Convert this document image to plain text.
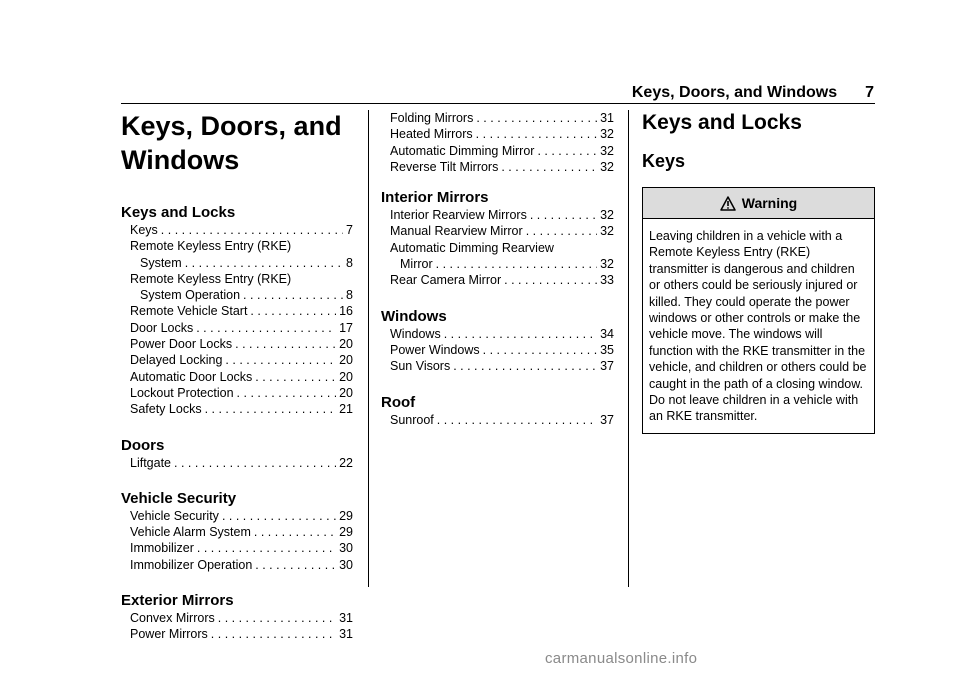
Keys, Doors, and Windows 7
Keys, Doors, and Windows
Keys and Locks
Keys . . .	7
Remote Keyless Entry (RKE)
System . . .	8
Remote Keyless Entry (RKE)
System Operation . . .	8
Remote Vehicle Start . . .	16
Door Locks . . .	17
Power Door Locks . . .	20
Delayed Locking . . .	20
Automatic Door Locks . . .	20
Lockout Protection . . .	20
Safety Locks . . .	21
Doors
Liftgate . . .	22
Vehicle Security
Vehicle Security . . .	29
Vehicle Alarm System . . .	29
Immobilizer . . .	30
Immobilizer Operation . . .	30
Exterior Mirrors
Convex Mirrors . . .	31
Power Mirrors . . .	31
Folding Mirrors . . .	31
Heated Mirrors . . .	32
Automatic Dimming Mirror . . .	32
Reverse Tilt Mirrors . . .	32
Interior Mirrors
Interior Rearview Mirrors . . .	32
Manual Rearview Mirror . . .	32
Automatic Dimming Rearview
Mirror . . .	32
Rear Camera Mirror . . .	33
Windows
Windows . . .	34
Power Windows . . .	35
Sun Visors . . .	37
Roof
Sunroof . . .	37
Keys and Locks
Keys
Warning
Leaving children in a vehicle with a Remote Keyless Entry (RKE) transmitter is dangerous and children or others could be seriously injured or killed. They could operate the power windows or other controls or make the vehicle move. The windows will function with the RKE transmitter in the vehicle, and children or others could be caught in the path of a closing window. Do not leave children in a vehicle with an RKE transmitter.
carmanualsonline.info
